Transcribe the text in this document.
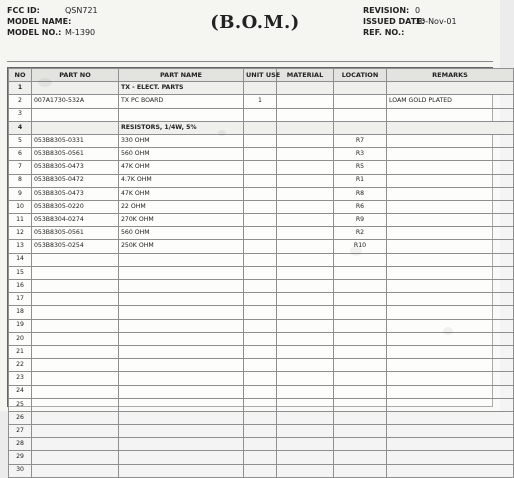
FCC ID:	QSN721
MODEL NAME:
MODEL NO.: M-1390	(B.O.M.)
REVISION: 0
ISSUED DATE:
30-Nov-01
REF. NO.:
NO	PART NO	PART NAME	UNIT USE	MATERIAL	LOCATION	REMARKS
1		TX - ELECT. PARTS				
2	007A1730-532A	TX PC BOARD	1			LOAM GOLD PLATED
3						
4		RESISTORS, 1/4W, 5%				
5	053B8305-0331	330 OHM			R7	
6	053B8305-0561	560 OHM			R3	
7	053B8305-0473	47K OHM			R5	
8	053B8305-0472	4.7K OHM			R1	
9	053B8305-0473	47K OHM			R8	
10	053B8305-0220	22 OHM			R6	
11	053B8304-0274	270K OHM			R9	
12	053B8305-0561	560 OHM			R2	
13	053B8305-0254	250K OHM			R10	
14						
15						
16						
17						
18						
19						
20						
21						
22						
23						
24						
25						
26						
27						
28						
29						
30						
